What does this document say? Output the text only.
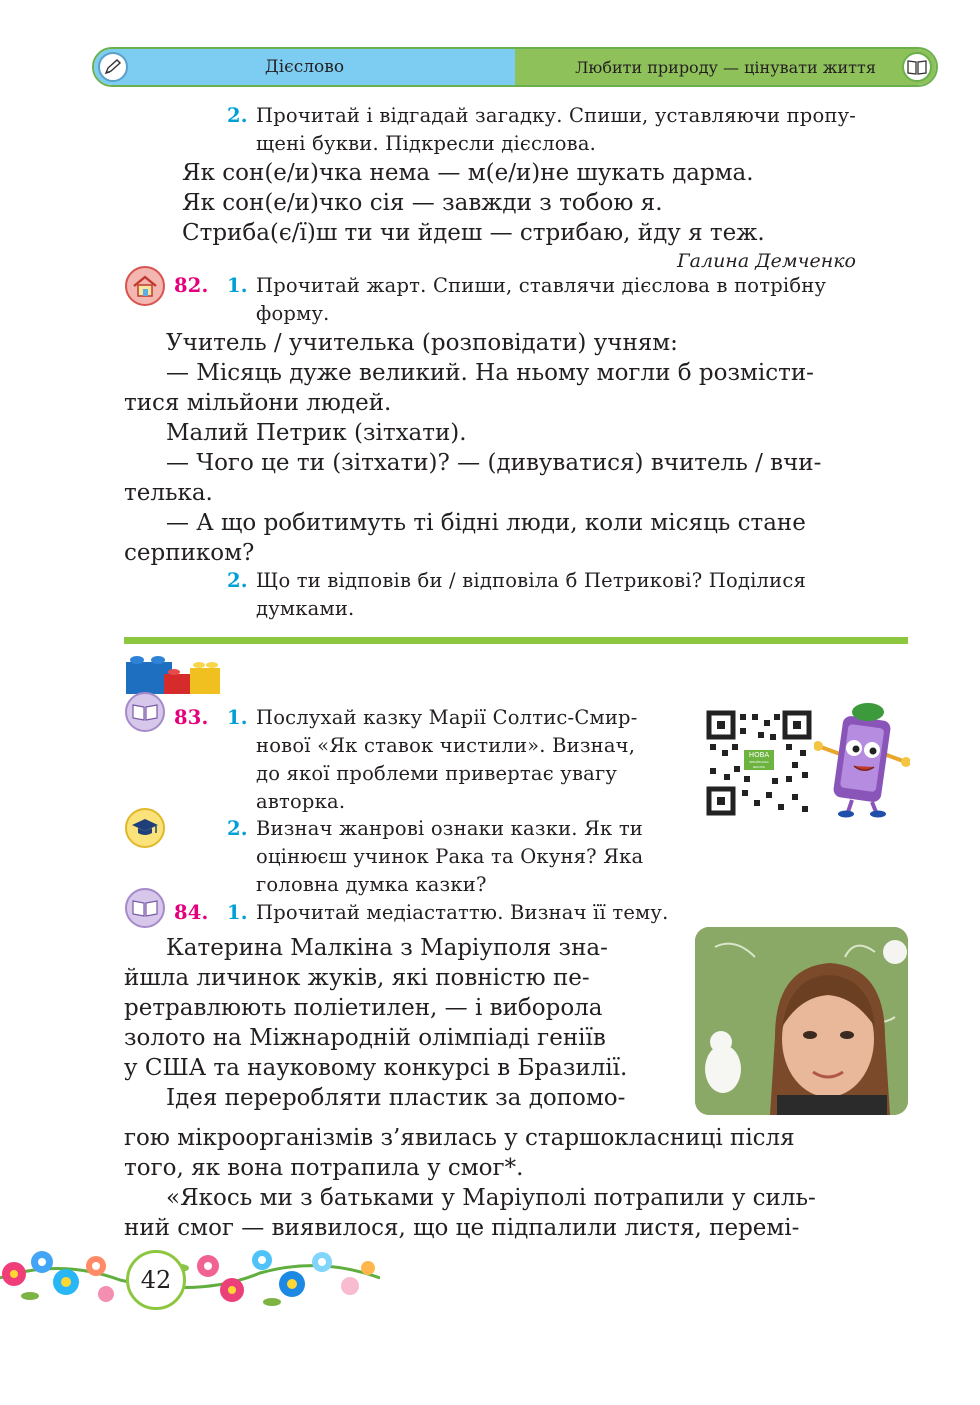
Дієслово	Любити природу — цінувати життя
2. Прочитай і відгадай загадку. Спиши, уставляючи пропу-
щені букви. Підкресли дієслова.
Як сон(е/и)чка нема — м(е/и)не шукать дарма.
Як сон(е/и)чко сія — завжди з тобою я.
Стриба(є/ї)ш ти чи йдеш — стрибаю, йду я теж.
Галина Демченко
82. 1. Прочитай жарт. Спиши, ставлячи дієслова в потрібну
форму.
Учитель / учителька (розповідати) учням:
— Місяць дуже великий. На ньому могли б розмісти-
тися мільйони людей.
Малий Петрик (зітхати).
— Чого це ти (зітхати)? — (дивуватися) вчитель / вчи-
телька.
— А що робитимуть ті бідні люди, коли місяць стане
серпиком?
2. Що ти відповів би / відповіла б Петрикові? Поділися
думками.
83. 1. Послухай казку Марії Солтис-Смир-
нової «Як ставок чистили». Визнач,
до якої проблеми привертає увагу
авторка.
НОВА
УКРАЇНСЬКА ШКОЛА
2. Визнач жанрові ознаки казки. Як ти
оцінюєш учинок Рака та Окуня? Яка
головна думка казки?
84. 1. Прочитай медіастаттю. Визнач її тему.
Катерина Малкіна з Маріуполя зна-
йшла личинок жуків, які повністю пе-
ретравлюють поліетилен, — і виборола
золото на Міжнародній олімпіаді геніїв
у США та науковому конкурсі в Бразилії.
Ідея переробляти пластик за допомо-
гою мікроорганізмів з’явилась у старшокласниці після
того, як вона потрапила у смог*.
«Якось ми з батьками у Маріуполі потрапили у силь-
ний смог — виявилося, що це підпалили листя, перемі-
42
